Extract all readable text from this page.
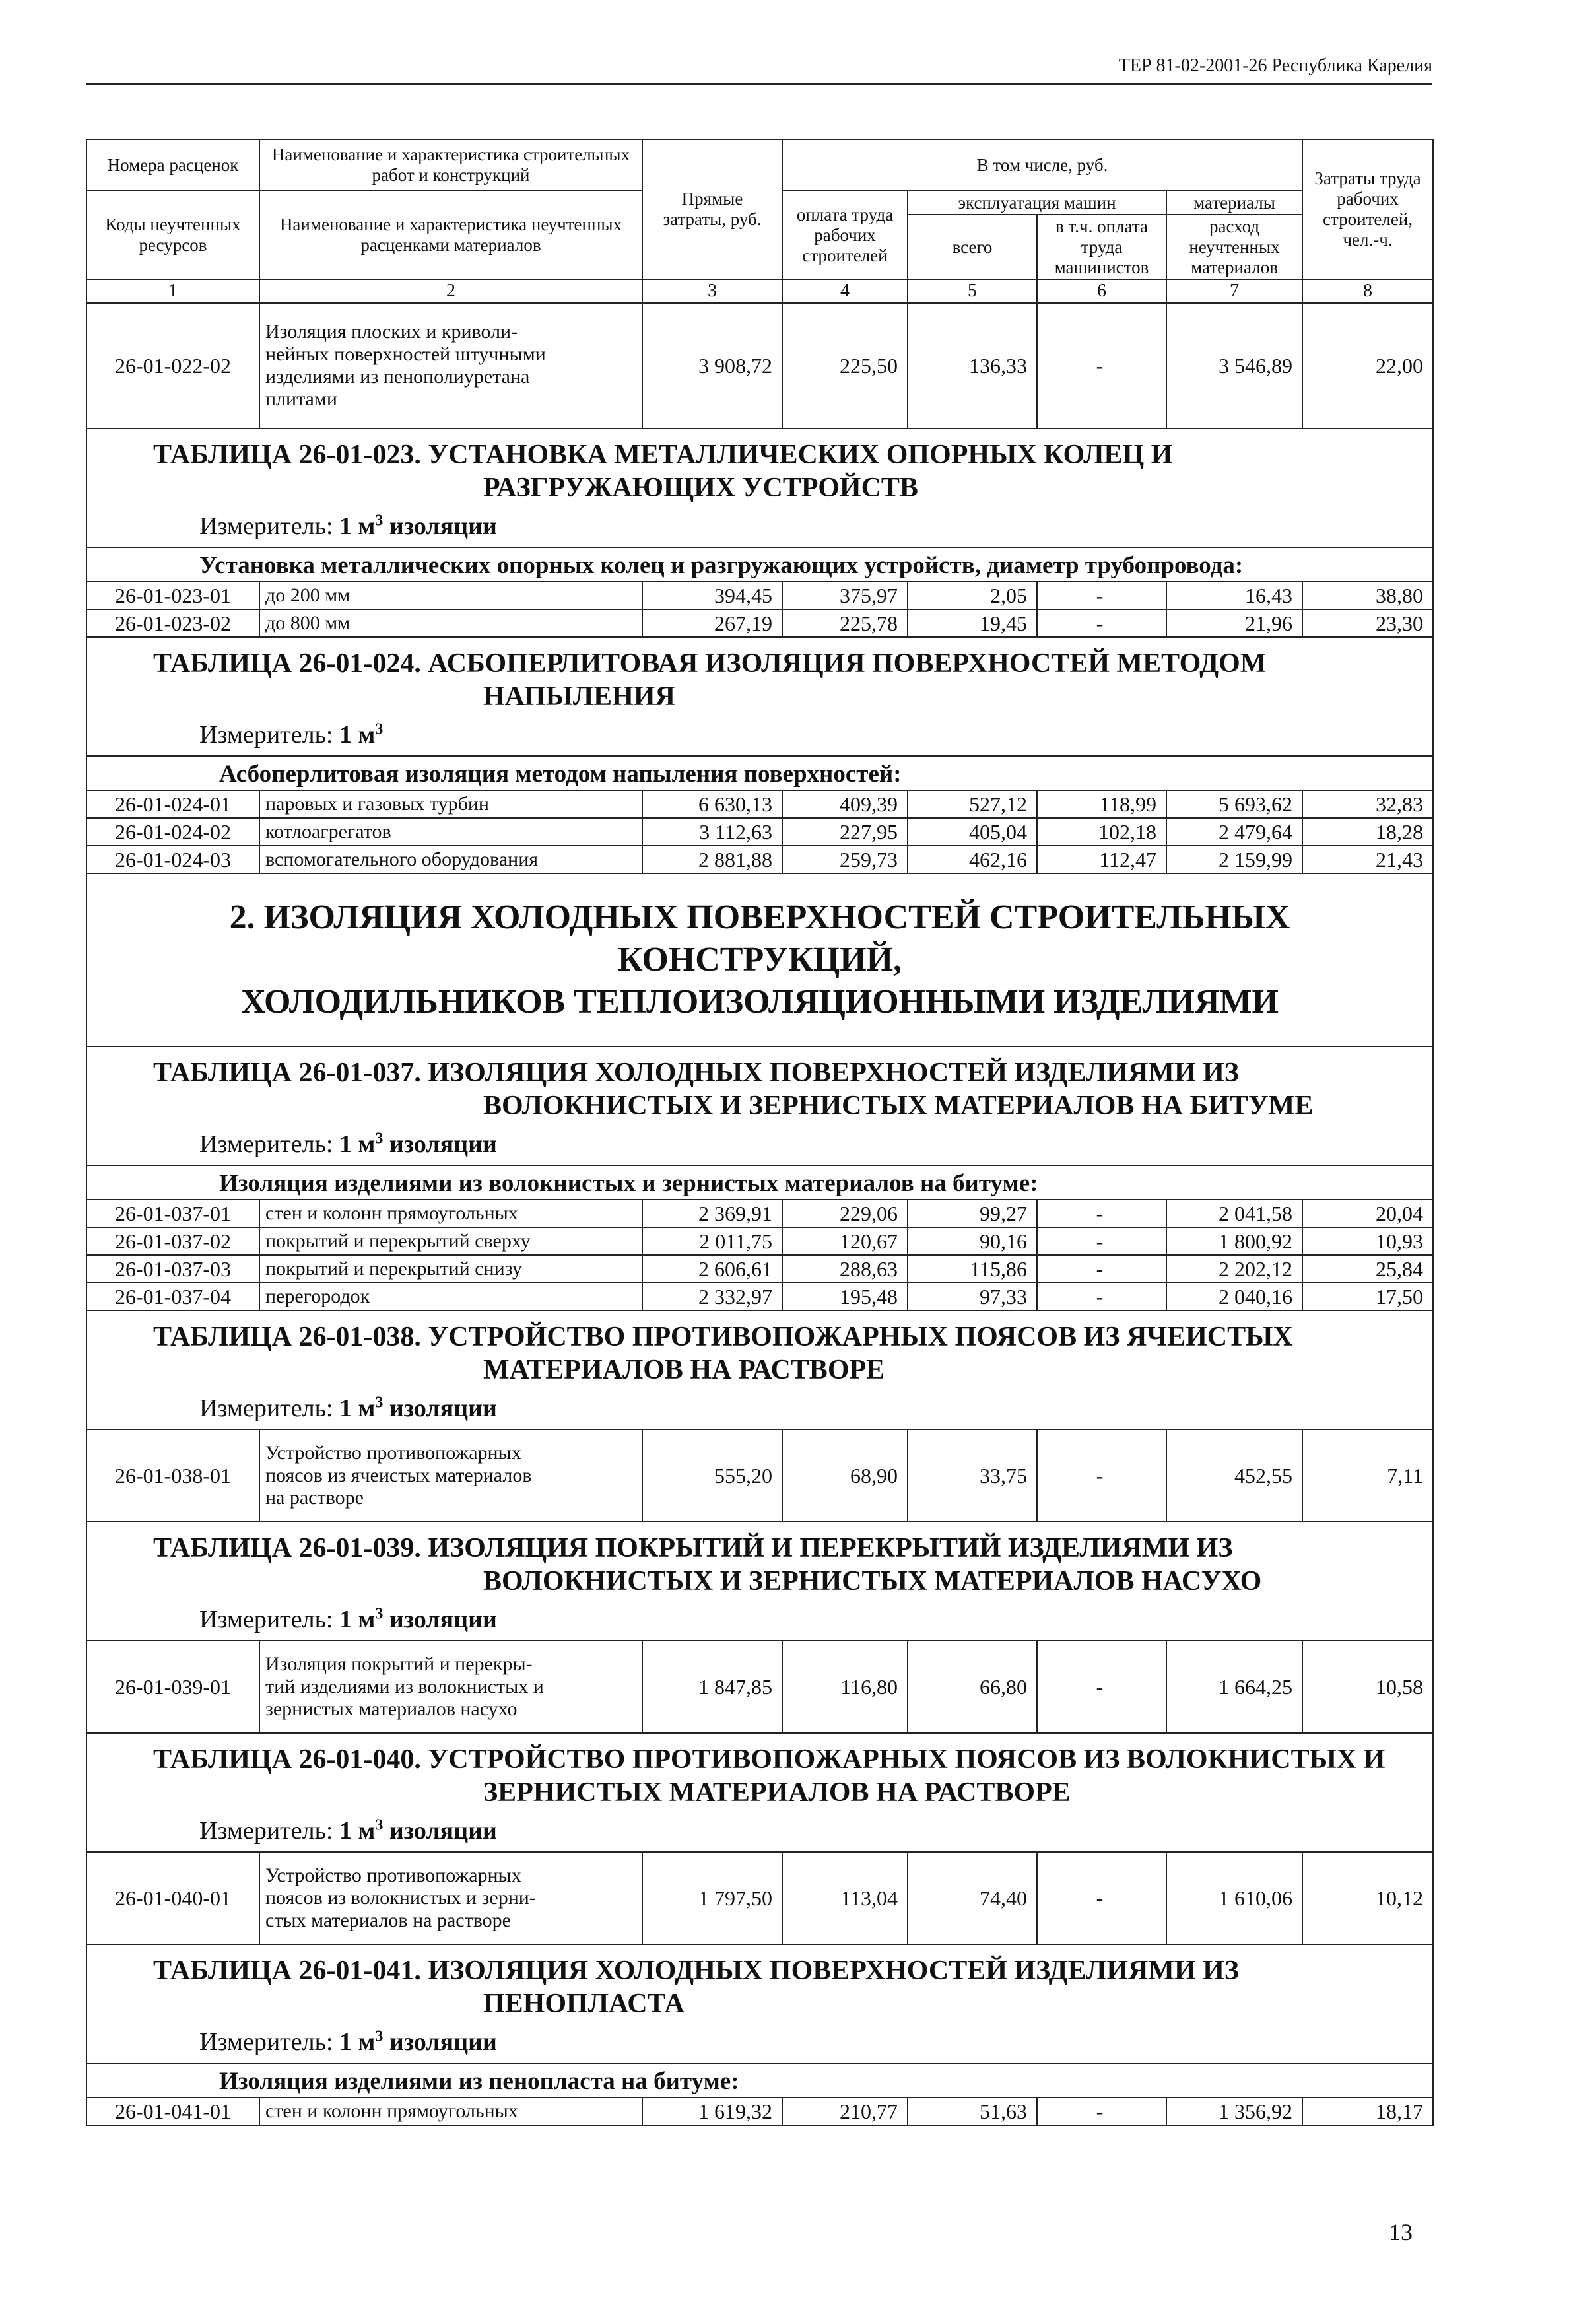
ТЕР 81-02-2001-26 Республика Карелия
Номера расценок	Наименование и характеристика строительных работ и конструкций	Прямые затраты, руб.	В том числе, руб.				Затраты труда рабочих строителей, чел.-ч.
Коды неучтенных ресурсов	Наименование и характеристика неучтенных расценками материалов		оплата труда рабочих строителей	эксплуатация машин		материалы	
				всего	в т.ч. оплата труда машинистов	расход неучтенных материалов	
1	2	3	4	5	6	7	8
26-01-022-02	Изоляция плоских и криволи-
нейных поверхностей штучными
изделиями из пенополиуретана
плитами	3 908,72	225,50	136,33	-	3 546,89	22,00

ТАБЛИЦА 26-01-023. УСТАНОВКА МЕТАЛЛИЧЕСКИХ ОПОРНЫХ КОЛЕЦ И
РАЗГРУЖАЮЩИХ УСТРОЙСТВ
Измеритель: 1 $м^3$ изоляции							

Установка металлических опорных колец и разгружающих устройств, диаметр трубопровода:							
26-01-023-01	до 200 мм	394,45	375,97	2,05	-	16,43	38,80
26-01-023-02	до 800 мм	267,19	225,78	19,45	-	21,96	23,30

ТАБЛИЦА 26-01-024. АСБОПЕРЛИТОВАЯ ИЗОЛЯЦИЯ ПОВЕРХНОСТЕЙ МЕТОДОМ
НАПЫЛЕНИЯ
Измеритель: 1 $м^3$

Асбоперлитовая изоляция методом напыления поверхностей:							
26-01-024-01	паровых и газовых турбин	6 630,13	409,39	527,12	118,99	5 693,62	32,83
26-01-024-02	котлоагрегатов	3 112,63	227,95	405,04	102,18	2 479,64	18,28
26-01-024-03	вспомогательного оборудования	2 881,88	259,73	462,16	112,47	2 159,99	21,43

2. ИЗОЛЯЦИЯ ХОЛОДНЫХ ПОВЕРХНОСТЕЙ СТРОИТЕЛЬНЫХ КОНСТРУКЦИЙ,
ХОЛОДИЛЬНИКОВ ТЕПЛОИЗОЛЯЦИОННЫМИ ИЗДЕЛИЯМИ							

ТАБЛИЦА 26-01-037. ИЗОЛЯЦИЯ ХОЛОДНЫХ ПОВЕРХНОСТЕЙ ИЗДЕЛИЯМИ ИЗ
ВОЛОКНИСТЫХ И ЗЕРНИСТЫХ МАТЕРИАЛОВ НА БИТУМЕ
Измеритель: 1 $м^3$ изоляции							

Изоляция изделиями из волокнистых и зернистых материалов на битуме:							
26-01-037-01	стен и колонн прямоугольных	2 369,91	229,06	99,27	-	2 041,58	20,04
26-01-037-02	покрытий и перекрытий сверху	2 011,75	120,67	90,16	-	1 800,92	10,93
26-01-037-03	покрытий и перекрытий снизу	2 606,61	288,63	115,86	-	2 202,12	25,84
26-01-037-04	перегородок	2 332,97	195,48	97,33	-	2 040,16	17,50

ТАБЛИЦА 26-01-038. УСТРОЙСТВО ПРОТИВОПОЖАРНЫХ ПОЯСОВ ИЗ ЯЧЕИСТЫХ
МАТЕРИАЛОВ НА РАСТВОРЕ
Измеритель: 1 $м^3$ изоляции							

26-01-038-01	Устройство противопожарных
поясов из ячеистых материалов
на растворе	555,20	68,90	33,75	-	452,55	7,11

ТАБЛИЦА 26-01-039. ИЗОЛЯЦИЯ ПОКРЫТИЙ И ПЕРЕКРЫТИЙ ИЗДЕЛИЯМИ ИЗ
ВОЛОКНИСТЫХ И ЗЕРНИСТЫХ МАТЕРИАЛОВ НАСУХО
Измеритель: 1 $м^3$ изоляции							

26-01-039-01	Изоляция покрытий и перекры-
тий изделиями из волокнистых и
зернистых материалов насухо	1 847,85	116,80	66,80	-	1 664,25	10,58

ТАБЛИЦА 26-01-040. УСТРОЙСТВО ПРОТИВОПОЖАРНЫХ ПОЯСОВ ИЗ ВОЛОКНИСТЫХ И
ЗЕРНИСТЫХ МАТЕРИАЛОВ НА РАСТВОРЕ
Измеритель: 1 $м^3$ изоляции							

26-01-040-01	Устройство противопожарных
поясов из волокнистых и зерни-
стых материалов на растворе	1 797,50	113,04	74,40	-	1 610,06	10,12

ТАБЛИЦА 26-01-041. ИЗОЛЯЦИЯ ХОЛОДНЫХ ПОВЕРХНОСТЕЙ ИЗДЕЛИЯМИ ИЗ
ПЕНОПЛАСТА
Измеритель: 1 $м^3$ изоляции							

Изоляция изделиями из пенопласта на битуме:							
26-01-041-01	стен и колонн прямоугольных	1 619,32	210,77	51,63	-	1 356,92	18,17
13
